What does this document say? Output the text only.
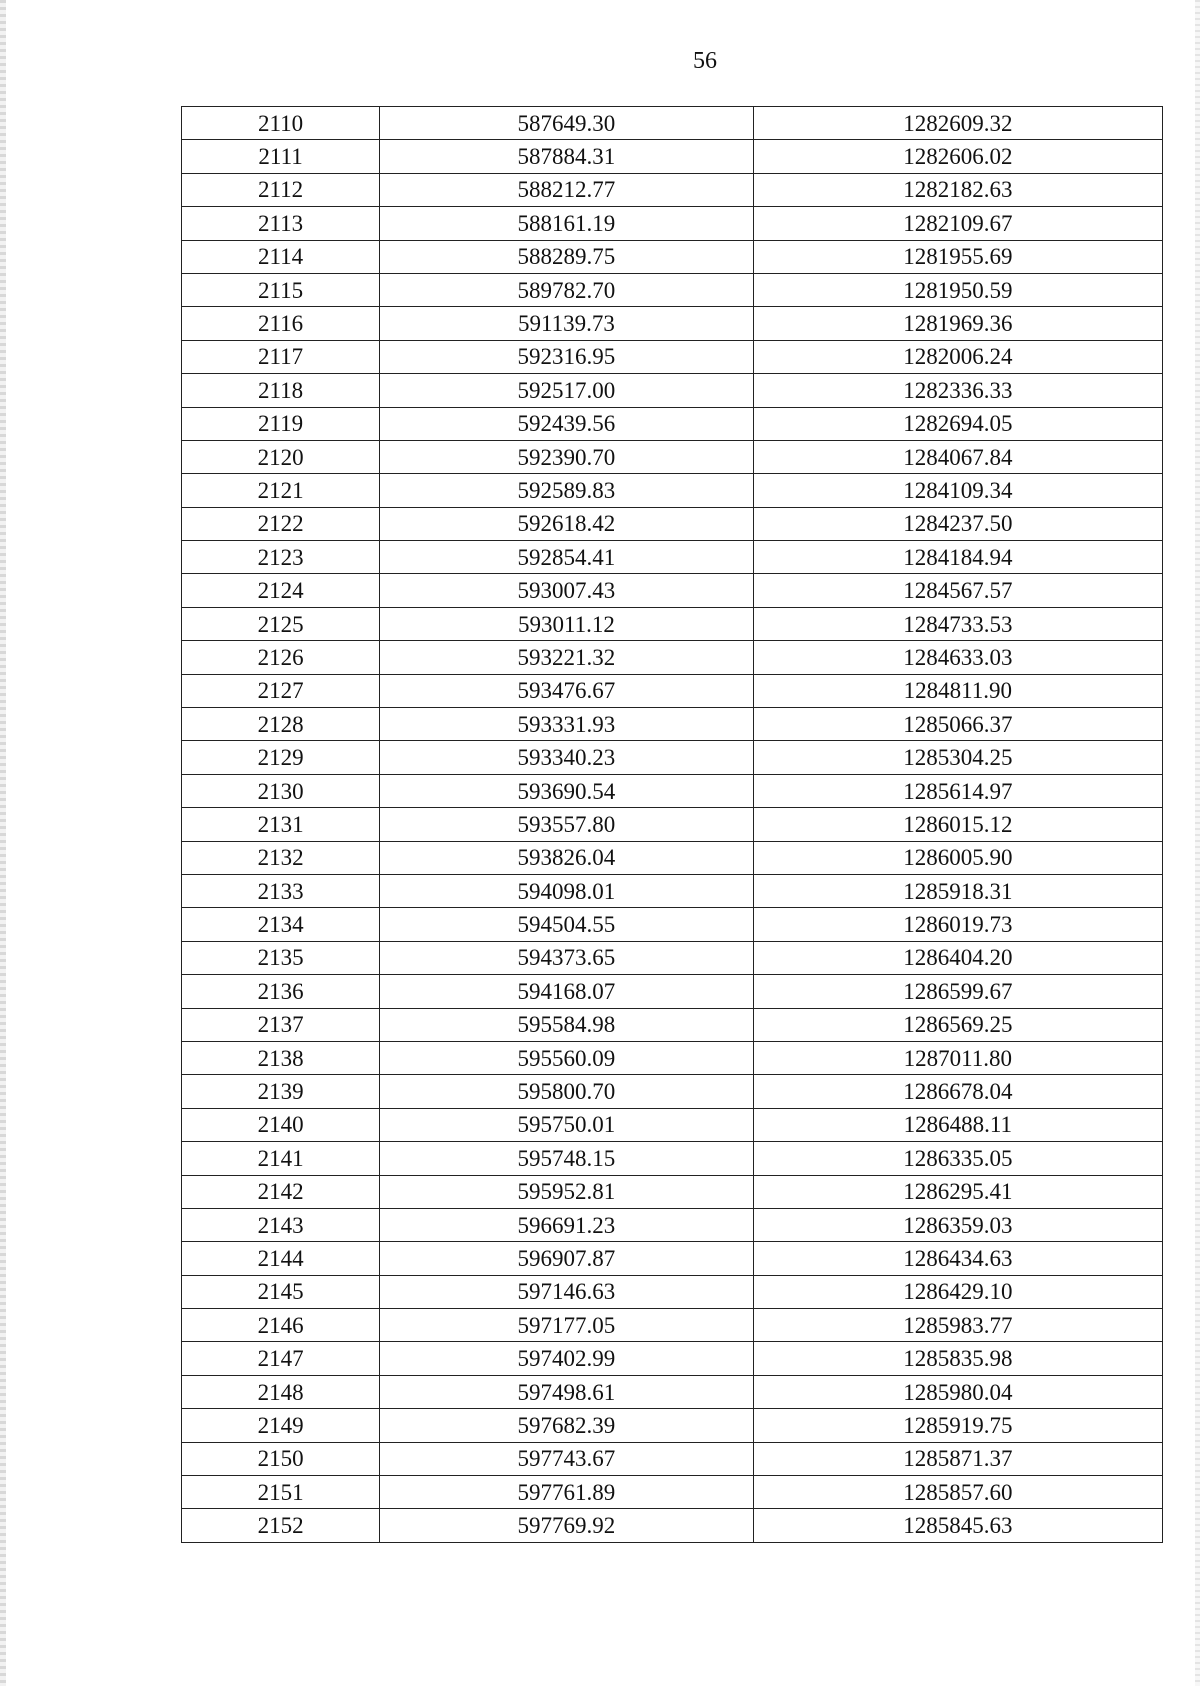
56
2110	587649.30	1282609.32
2111	587884.31	1282606.02
2112	588212.77	1282182.63
2113	588161.19	1282109.67
2114	588289.75	1281955.69
2115	589782.70	1281950.59
2116	591139.73	1281969.36
2117	592316.95	1282006.24
2118	592517.00	1282336.33
2119	592439.56	1282694.05
2120	592390.70	1284067.84
2121	592589.83	1284109.34
2122	592618.42	1284237.50
2123	592854.41	1284184.94
2124	593007.43	1284567.57
2125	593011.12	1284733.53
2126	593221.32	1284633.03
2127	593476.67	1284811.90
2128	593331.93	1285066.37
2129	593340.23	1285304.25
2130	593690.54	1285614.97
2131	593557.80	1286015.12
2132	593826.04	1286005.90
2133	594098.01	1285918.31
2134	594504.55	1286019.73
2135	594373.65	1286404.20
2136	594168.07	1286599.67
2137	595584.98	1286569.25
2138	595560.09	1287011.80
2139	595800.70	1286678.04
2140	595750.01	1286488.11
2141	595748.15	1286335.05
2142	595952.81	1286295.41
2143	596691.23	1286359.03
2144	596907.87	1286434.63
2145	597146.63	1286429.10
2146	597177.05	1285983.77
2147	597402.99	1285835.98
2148	597498.61	1285980.04
2149	597682.39	1285919.75
2150	597743.67	1285871.37
2151	597761.89	1285857.60
2152	597769.92	1285845.63
